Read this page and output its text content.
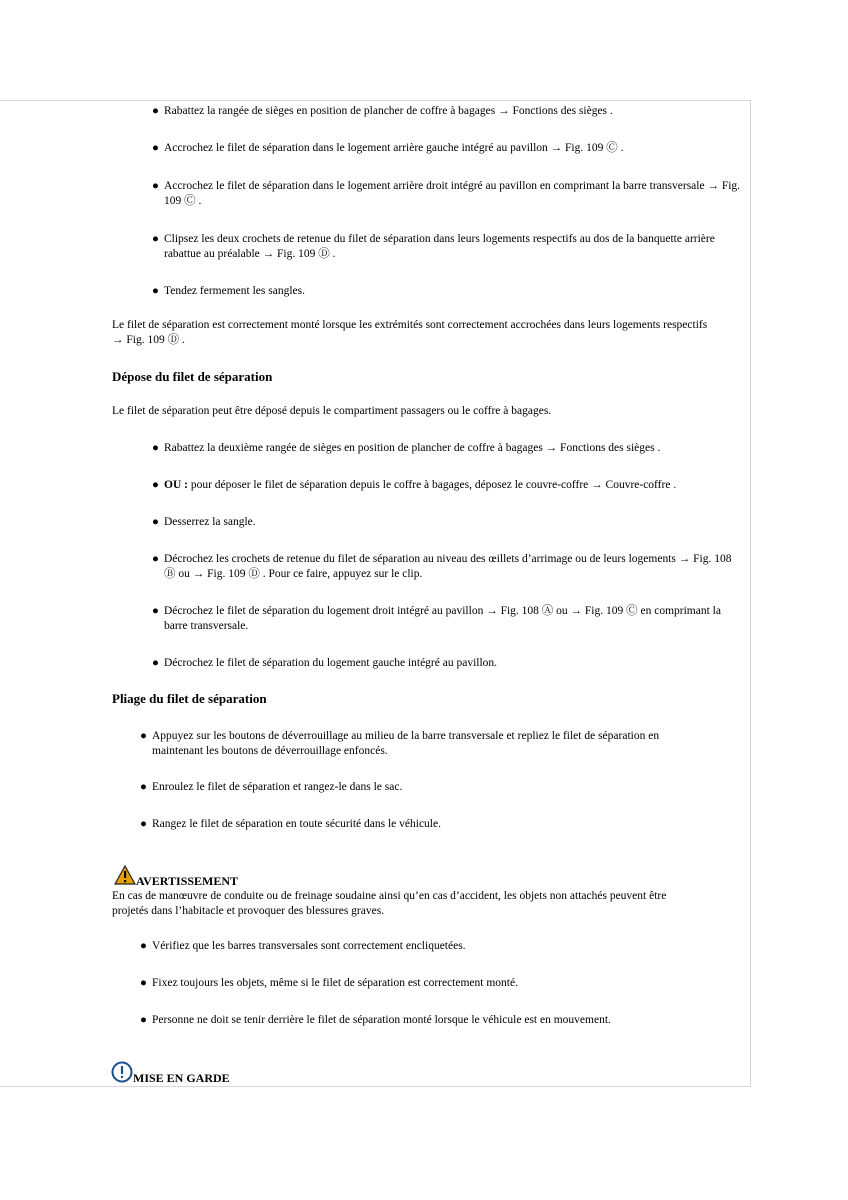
● Rabattez la rangée de sièges en position de plancher de coffre à bagages → Fonctions des sièges .
● Accrochez le filet de séparation dans le logement arrière gauche intégré au pavillon → Fig. 109 Ⓒ .
● Accrochez le filet de séparation dans le logement arrière droit intégré au pavillon en comprimant la barre transversale → Fig. 109 Ⓒ .
● Clipsez les deux crochets de retenue du filet de séparation dans leurs logements respectifs au dos de la banquette arrière rabattue au préalable → Fig. 109 Ⓓ .
● Tendez fermement les sangles.
Le filet de séparation est correctement monté lorsque les extrémités sont correctement accrochées dans leurs logements respectifs → Fig. 109 Ⓓ .
Dépose du filet de séparation
Le filet de séparation peut être déposé depuis le compartiment passagers ou le coffre à bagages.
● Rabattez la deuxième rangée de sièges en position de plancher de coffre à bagages → Fonctions des sièges .
● OU : pour déposer le filet de séparation depuis le coffre à bagages, déposez le couvre-coffre → Couvre-coffre .
● Desserrez la sangle.
● Décrochez les crochets de retenue du filet de séparation au niveau des œillets d’arrimage ou de leurs logements → Fig. 108 Ⓑ ou → Fig. 109 Ⓓ . Pour ce faire, appuyez sur le clip.
● Décrochez le filet de séparation du logement droit intégré au pavillon → Fig. 108 Ⓐ ou → Fig. 109 Ⓒ en comprimant la barre transversale.
● Décrochez le filet de séparation du logement gauche intégré au pavillon.
Pliage du filet de séparation
● Appuyez sur les boutons de déverrouillage au milieu de la barre transversale et repliez le filet de séparation en maintenant les boutons de déverrouillage enfoncés.
● Enroulez le filet de séparation et rangez-le dans le sac.
● Rangez le filet de séparation en toute sécurité dans le véhicule.
AVERTISSEMENT
En cas de manœuvre de conduite ou de freinage soudaine ainsi qu’en cas d’accident, les objets non attachés peuvent être projetés dans l’habitacle et provoquer des blessures graves.
● Vérifiez que les barres transversales sont correctement encliquetées.
● Fixez toujours les objets, même si le filet de séparation est correctement monté.
● Personne ne doit se tenir derrière le filet de séparation monté lorsque le véhicule est en mouvement.
MISE EN GARDE
